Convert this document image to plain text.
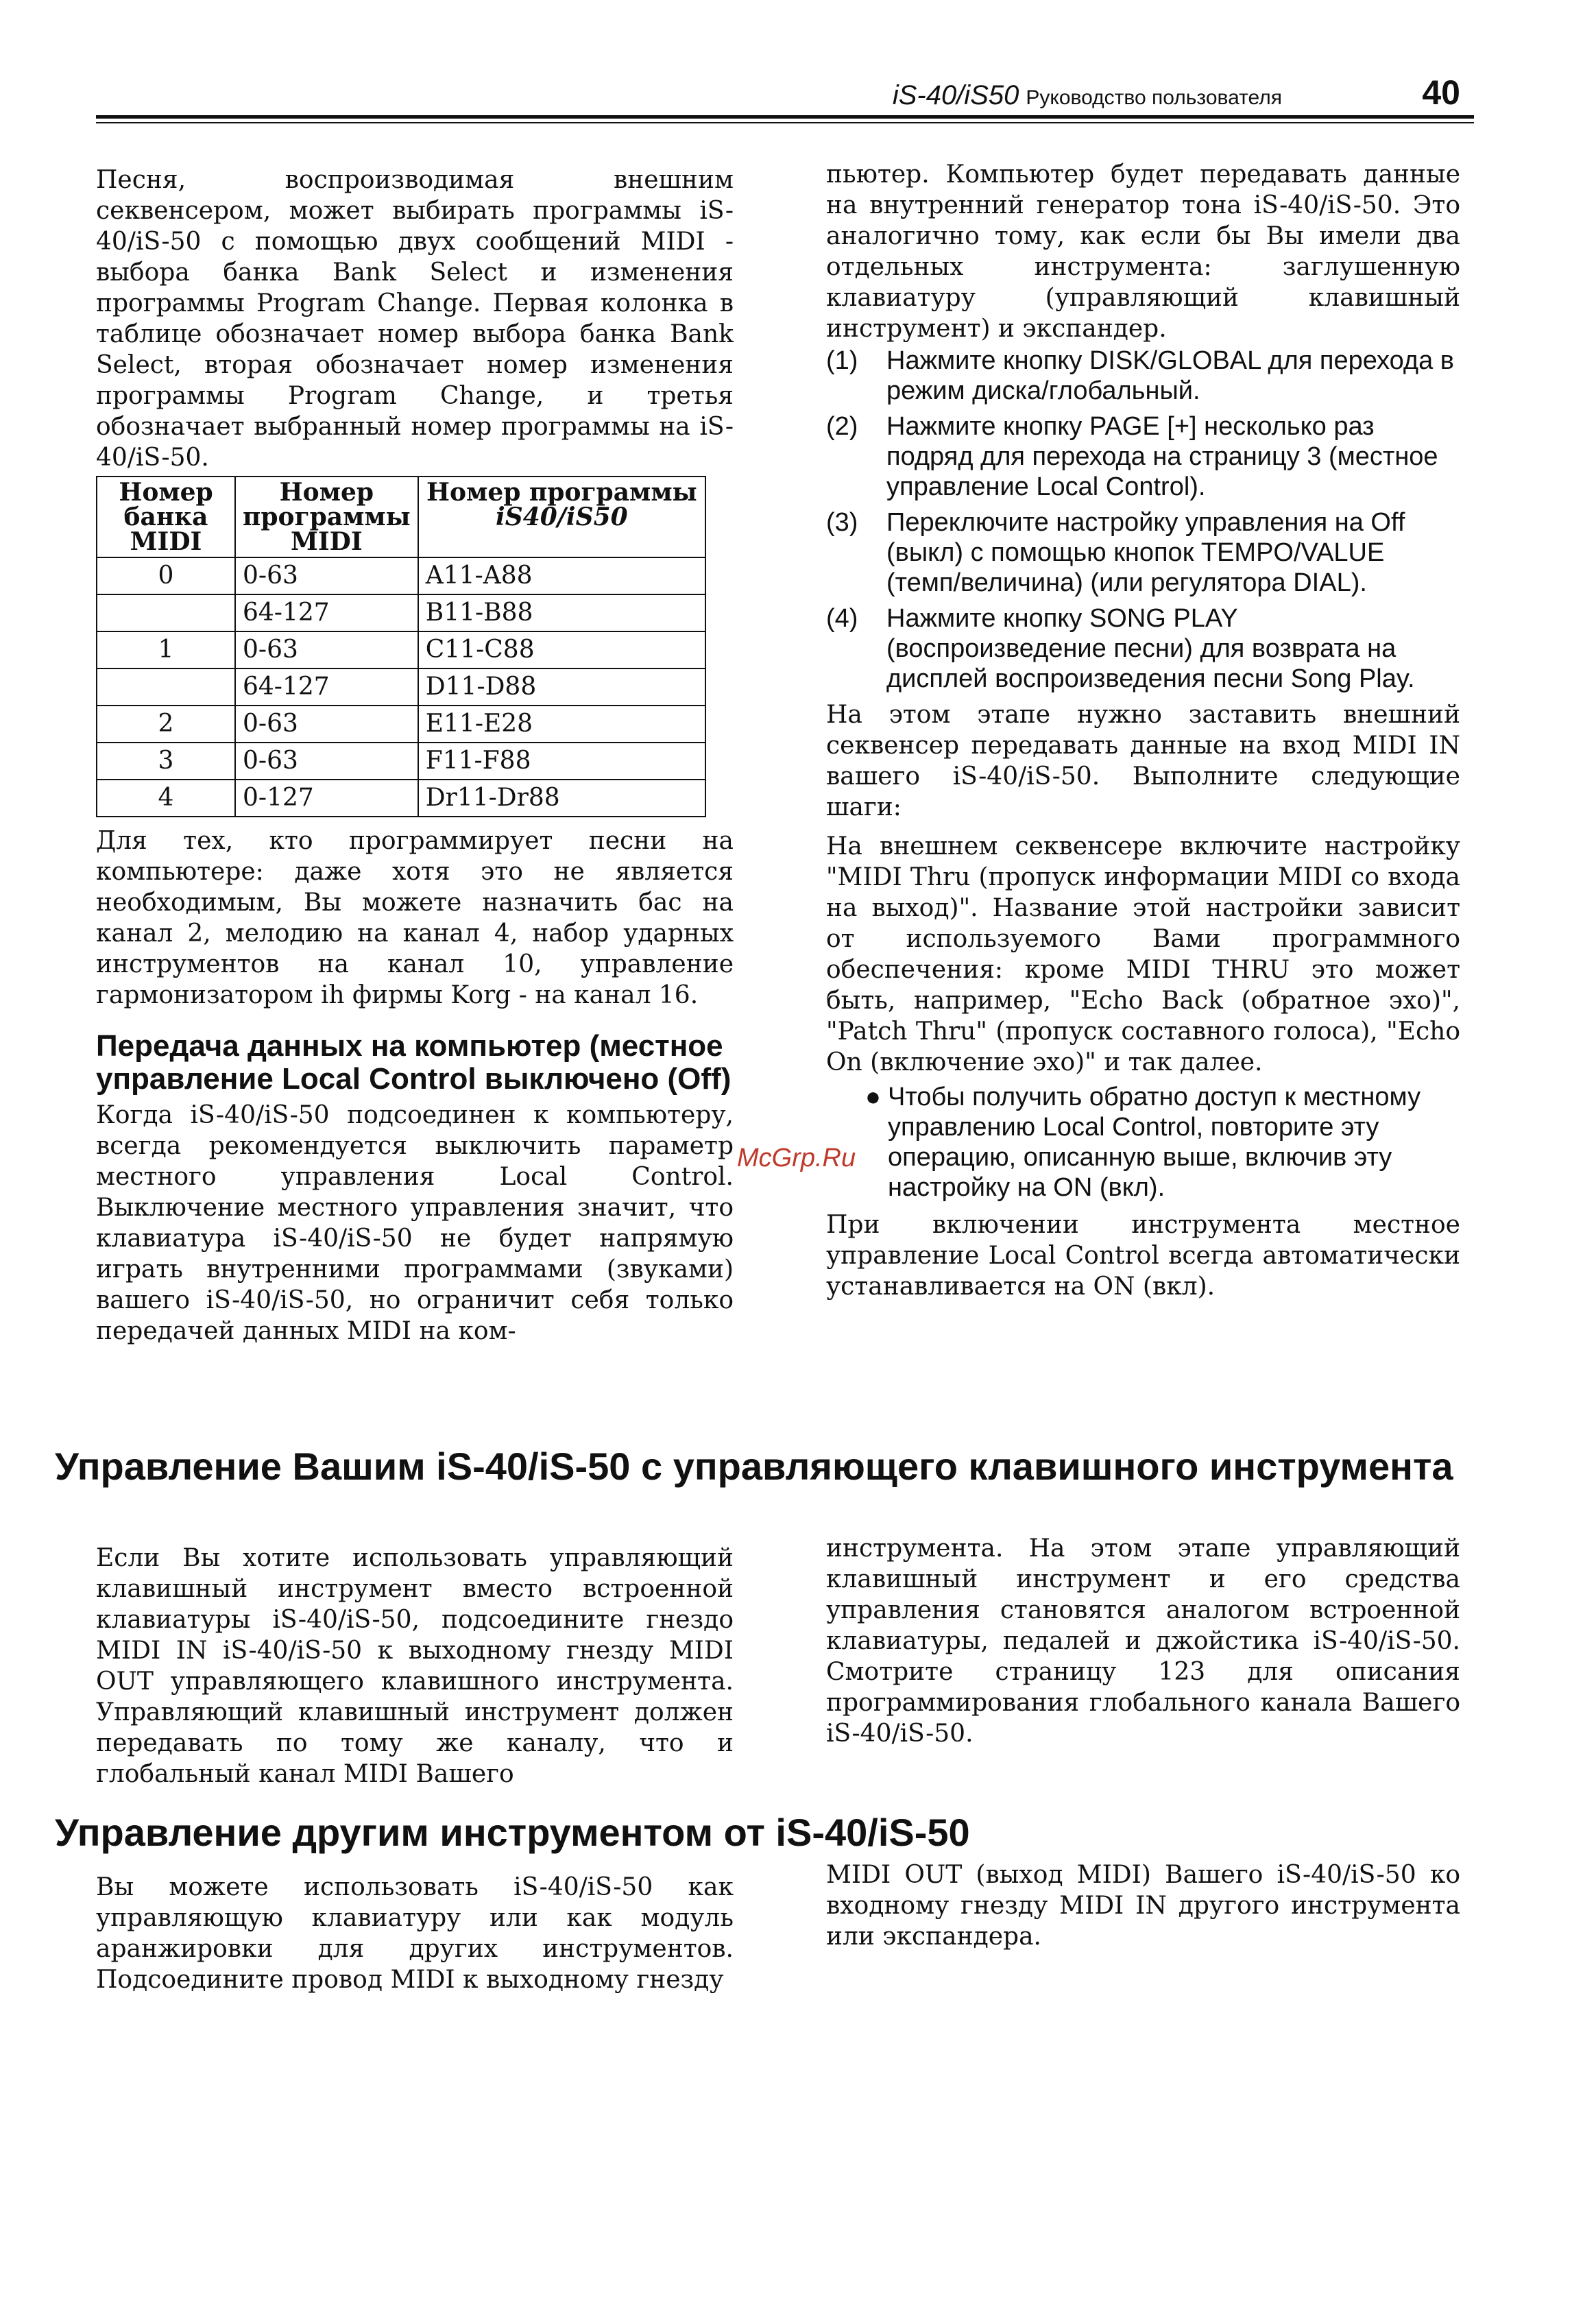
iS-40/iS50 Руководство пользователя	40

Песня, воспроизводимая внешним секвенсером, может выбирать программы iS-40/iS-50 с помощью двух сообщений MIDI - выбора банка Bank Select и изменения программы Program Change. Первая колонка в таблице обозначает номер выбора банка Bank Select, вторая обозначает номер изменения программы Program Change, и третья обозначает выбранный номер программы на iS-40/iS-50.

Номер банка MIDI	Номер программы MIDI	Номер программы
iS40/iS50
0	0-63	A11-A88
	64-127	B11-B88
1	0-63	C11-C88
	64-127	D11-D88
2	0-63	E11-E28
3	0-63	F11-F88
4	0-127	Dr11-Dr88

Для тех, кто программирует песни на компьютере: даже хотя это не является необходимым, Вы можете назначить бас на канал 2, мелодию на канал 4, набор ударных инструментов на канал 10, управление гармонизатором ih фирмы Korg - на канал 16.

Передача данных на компьютер (местное управление Local Control выключено (Off)

Когда iS-40/iS-50 подсоединен к компьютеру, всегда рекомендуется выключить параметр местного управления Local Control. Выключение местного управления значит, что клавиатура iS-40/iS-50 не будет напрямую играть внутренними программами (звуками) вашего iS-40/iS-50, но ограничит себя только передачей данных MIDI на ком-

пьютер. Компьютер будет передавать данные на внутренний генератор тона iS-40/iS-50. Это аналогично тому, как если бы Вы имели два отдельных инструмента: заглушенную клавиатуру (управляющий клавишный инструмент) и экспандер.

(1)	Нажмите кнопку DISK/GLOBAL для перехода в режим диска/глобальный.
(2)	Нажмите кнопку PAGE [+] несколько раз подряд для перехода на страницу 3 (местное управление Local Control).
(3)	Переключите настройку управления на Off (выкл) с помощью кнопок TEMPO/VALUE (темп/величина) (или регулятора DIAL).
(4)	Нажмите кнопку SONG PLAY (воспроизведение песни) для возврата на дисплей воспроизведения песни Song Play.

На этом этапе нужно заставить внешний секвенсер передавать данные на вход MIDI IN вашего iS-40/iS-50. Выполните следующие шаги:

На внешнем секвенсере включите настройку "MIDI Thru (пропуск информации MIDI со входа на выход)". Название этой настройки зависит от используемого Вами программного обеспечения: кроме MIDI THRU это может быть, например, "Echo Back (обратное эхо)", "Patch Thru" (пропуск составного голоса), "Echo On (включение эхо)" и так далее.

● Чтобы получить обратно доступ к местному управлению Local Control, повторите эту операцию, описанную выше, включив эту настройку на ON (вкл).

При включении инструмента местное управление Local Control всегда автоматически устанавливается на ON (вкл).

McGrp.Ru
Управление Вашим iS-40/iS-50 с управляющего клавишного инструмента

Если Вы хотите использовать управляющий клавишный инструмент вместо встроенной клавиатуры iS-40/iS-50, подсоедините гнездо MIDI IN iS-40/iS-50 к выходному гнезду MIDI OUT управляющего клавишного инструмента. Управляющий клавишный инструмент должен передавать по тому же каналу, что и глобальный канал MIDI Вашего

инструмента. На этом этапе управляющий клавишный инструмент и его средства управления становятся аналогом встроенной клавиатуры, педалей и джойстика iS-40/iS-50. Смотрите страницу 123 для описания программирования глобального канала Вашего iS-40/iS-50.

Управление другим инструментом от iS-40/iS-50

Вы можете использовать iS-40/iS-50 как управляющую клавиатуру или как модуль аранжировки для других инструментов. Подсоедините провод MIDI к выходному гнезду

MIDI OUT (выход MIDI) Вашего iS-40/iS-50 ко входному гнезду MIDI IN другого инструмента или экспандера.
